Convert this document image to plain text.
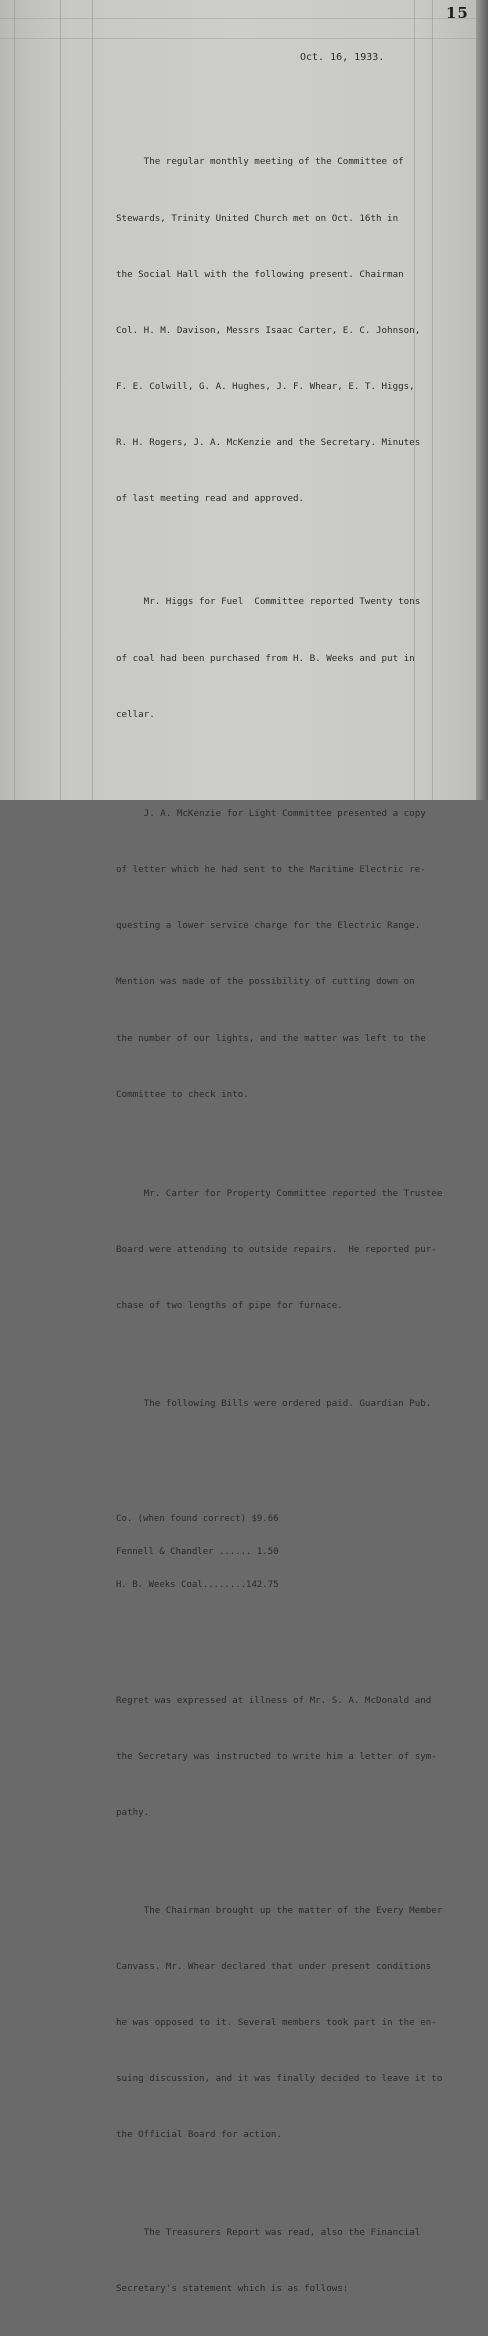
15
Oct. 16, 1933.

The regular monthly meeting of the Committee of

Stewards, Trinity United Church met on Oct. 16th in

the Social Hall with the following present. Chairman

Col. H. M. Davison, Messrs Isaac Carter, E. C. Johnson,

F. E. Colwill, G. A. Hughes, J. F. Whear, E. T. Higgs,

R. H. Rogers, J. A. McKenzie and the Secretary. Minutes

of last meeting read and approved.

Mr. Higgs for Fuel  Committee reported Twenty tons

of coal had been purchased from H. B. Weeks and put in

cellar.

J. A. McKenzie for Light Committee presented a copy

of letter which he had sent to the Maritime Electric re-

questing a lower service charge for the Electric Range.

Mention was made of the possibility of cutting down on

the number of our lights, and the matter was left to the

Committee to check into.

Mr. Carter for Property Committee reported the Trustee

Board were attending to outside repairs.  He reported pur-

chase of two lengths of pipe for furnace.

The following Bills were ordered paid. Guardian Pub.

Co. (when found correct) $9.66

Fennell & Chandler ...... 1.50

H. B. Weeks Coal........142.75

Regret was expressed at illness of Mr. S. A. McDonald and

the Secretary was instructed to write him a letter of sym-

pathy.

The Chairman brought up the matter of the Every Member

Canvass. Mr. Whear declared that under present conditions

he was opposed to it. Several members took part in the en-

suing discussion, and it was finally decided to leave it to

the Official Board for action.

The Treasurers Report was read, also the Financial

Secretary's statement which is as follows:
